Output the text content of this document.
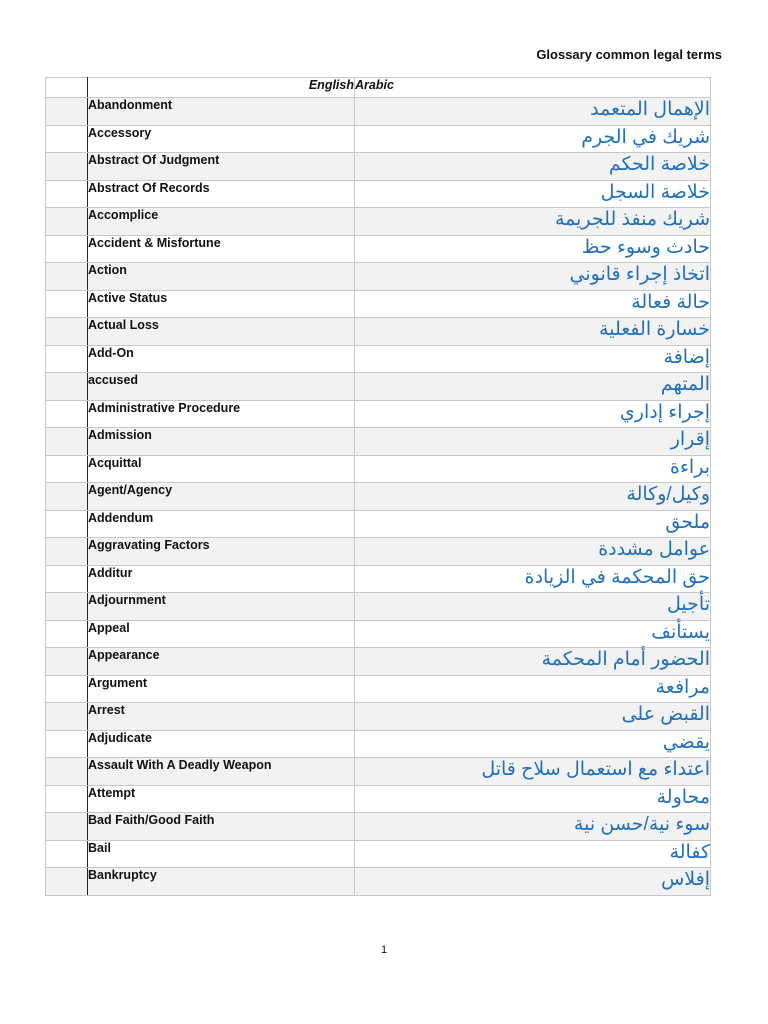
Glossary common legal terms
	English	Arabic
	Abandonment	الإهمال المتعمد
	Accessory	شريك في الجرم
	Abstract Of Judgment	خلاصة الحكم
	Abstract Of Records	خلاصة السجل
	Accomplice	شريك منفذ للجريمة
	Accident & Misfortune	حادث وسوء حظ
	Action	اتخاذ إجراء قانوني
	Active Status	حالة فعالة
	Actual Loss	خسارة الفعلية
	Add-On	إضافة
	accused	المتهم
	Administrative Procedure	إجراء إداري
	Admission	إقرار
	Acquittal	براءة
	Agent/Agency	وكيل/وكالة
	Addendum	ملحق
	Aggravating Factors	عوامل مشددة
	Additur	حق المحكمة في الزيادة
	Adjournment	تأجيل
	Appeal	يستأنف
	Appearance	الحضور أمام المحكمة
	Argument	مرافعة
	Arrest	القبض على
	Adjudicate	يقضي
	Assault With A Deadly Weapon	اعتداء مع استعمال سلاح قاتل
	Attempt	محاولة
	Bad Faith/Good Faith	سوء نية/حسن نية
	Bail	كفالة
	Bankruptcy	إفلاس
1
